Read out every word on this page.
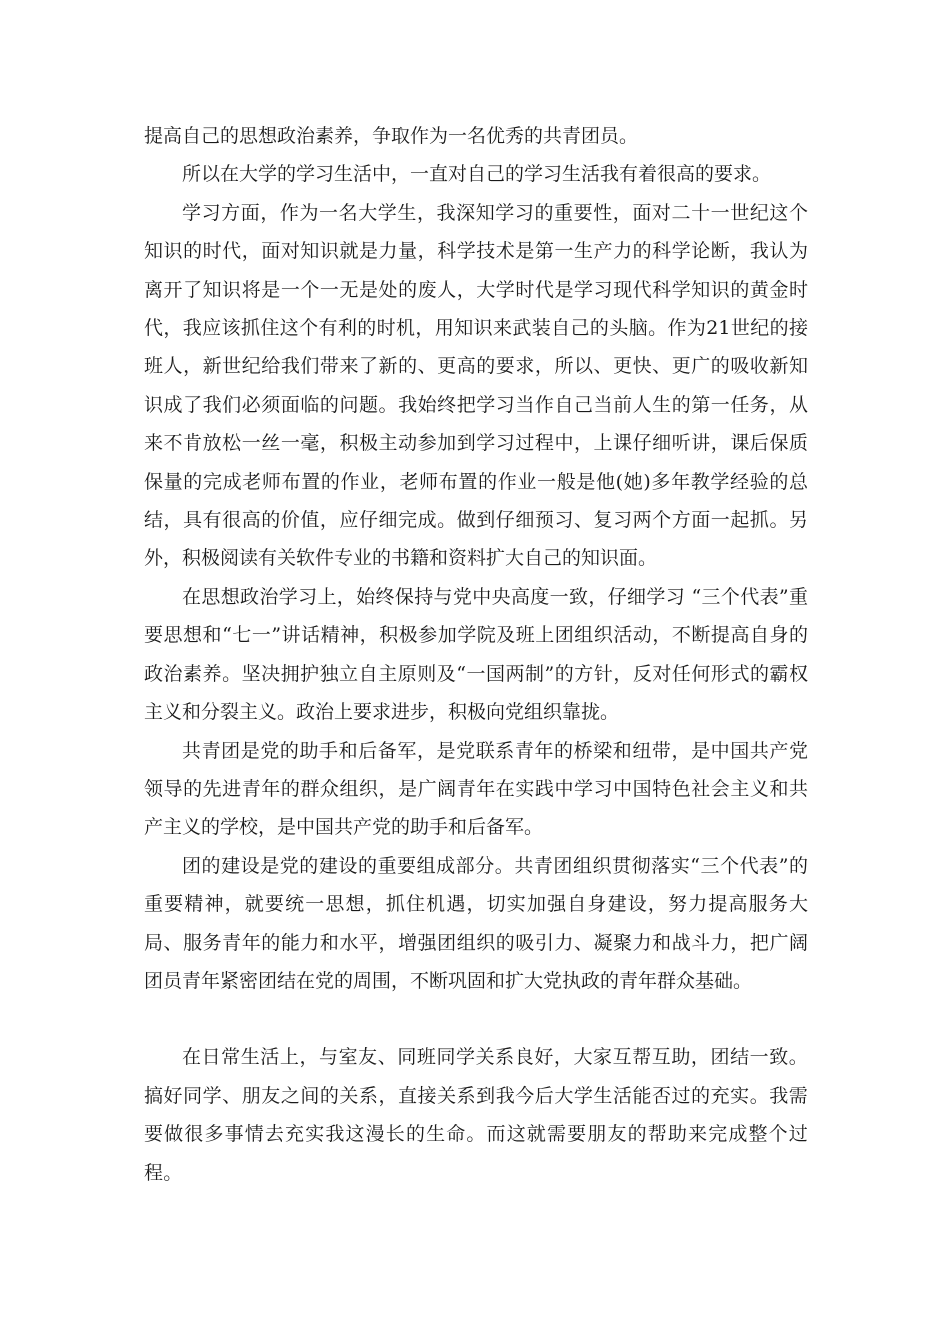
提高自己的思想政治素养，争取作为一名优秀的共青团员。

所以在大学的学习生活中，一直对自己的学习生活我有着很高的要求。

学习方面，作为一名大学生，我深知学习的重要性，面对二十一世纪这个知识的时代，面对知识就是力量，科学技术是第一生产力的科学论断，我认为离开了知识将是一个一无是处的废人，大学时代是学习现代科学知识的黄金时代，我应该抓住这个有利的时机，用知识来武装自己的头脑。作为21世纪的接班人，新世纪给我们带来了新的、更高的要求，所以、更快、更广的吸收新知识成了我们必须面临的问题。我始终把学习当作自己当前人生的第一任务，从来不肯放松一丝一毫，积极主动参加到学习过程中，上课仔细听讲，课后保质保量的完成老师布置的作业，老师布置的作业一般是他(她)多年教学经验的总结，具有很高的价值，应仔细完成。做到仔细预习、复习两个方面一起抓。另外，积极阅读有关软件专业的书籍和资料扩大自己的知识面。

在思想政治学习上，始终保持与党中央高度一致，仔细学习 “三个代表”重要思想和“七一”讲话精神，积极参加学院及班上团组织活动，不断提高自身的政治素养。坚决拥护独立自主原则及“一国两制”的方针，反对任何形式的霸权主义和分裂主义。政治上要求进步，积极向党组织靠拢。

共青团是党的助手和后备军，是党联系青年的桥梁和纽带，是中国共产党领导的先进青年的群众组织，是广阔青年在实践中学习中国特色社会主义和共产主义的学校，是中国共产党的助手和后备军。

团的建设是党的建设的重要组成部分。共青团组织贯彻落实“三个代表”的重要精神，就要统一思想，抓住机遇，切实加强自身建设，努力提高服务大局、服务青年的能力和水平，增强团组织的吸引力、凝聚力和战斗力，把广阔团员青年紧密团结在党的周围，不断巩固和扩大党执政的青年群众基础。

在日常生活上，与室友、同班同学关系良好，大家互帮互助，团结一致。搞好同学、朋友之间的关系，直接关系到我今后大学生活能否过的充实。我需要做很多事情去充实我这漫长的生命。而这就需要朋友的帮助来完成整个过程。
